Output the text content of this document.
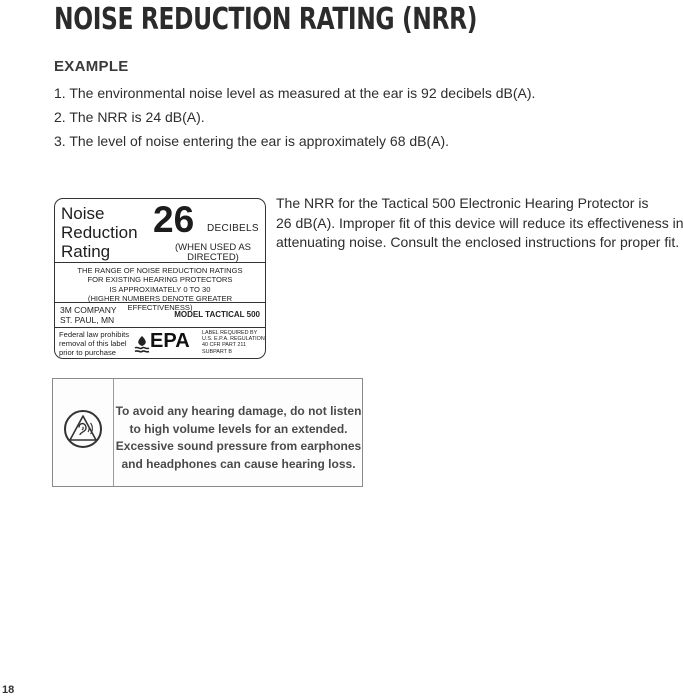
NOISE REDUCTION RATING (NRR)
EXAMPLE
1. The environmental noise level as measured at the ear is 92 decibels dB(A).
2. The NRR is 24 dB(A).
3. The level of noise entering the ear is approximately 68 dB(A).
Noise
Reduction
Rating
26 DECIBELS
(WHEN USED AS
DIRECTED)
THE RANGE OF NOISE REDUCTION RATINGS
FOR EXISTING HEARING PROTECTORS
IS APPROXIMATELY 0 TO 30
(HIGHER NUMBERS DENOTE GREATER EFFECTIVENESS)
3M COMPANY
ST. PAUL, MN	MODEL TACTICAL 500
Federal law prohibits
removal of this label
prior to purchase
EPA LABEL REQUIRED BY
U.S. E.P.A. REGULATION
40 CFR PART 211
SUBPART B
The NRR for the Tactical 500 Electronic Hearing Protector is
26 dB(A). Improper fit of this device will reduce its effectiveness in
attenuating noise. Consult the enclosed instructions for proper fit.
To avoid any hearing damage, do not listen
to high volume levels for an extended.
Excessive sound pressure from earphones
and headphones can cause hearing loss.
18
